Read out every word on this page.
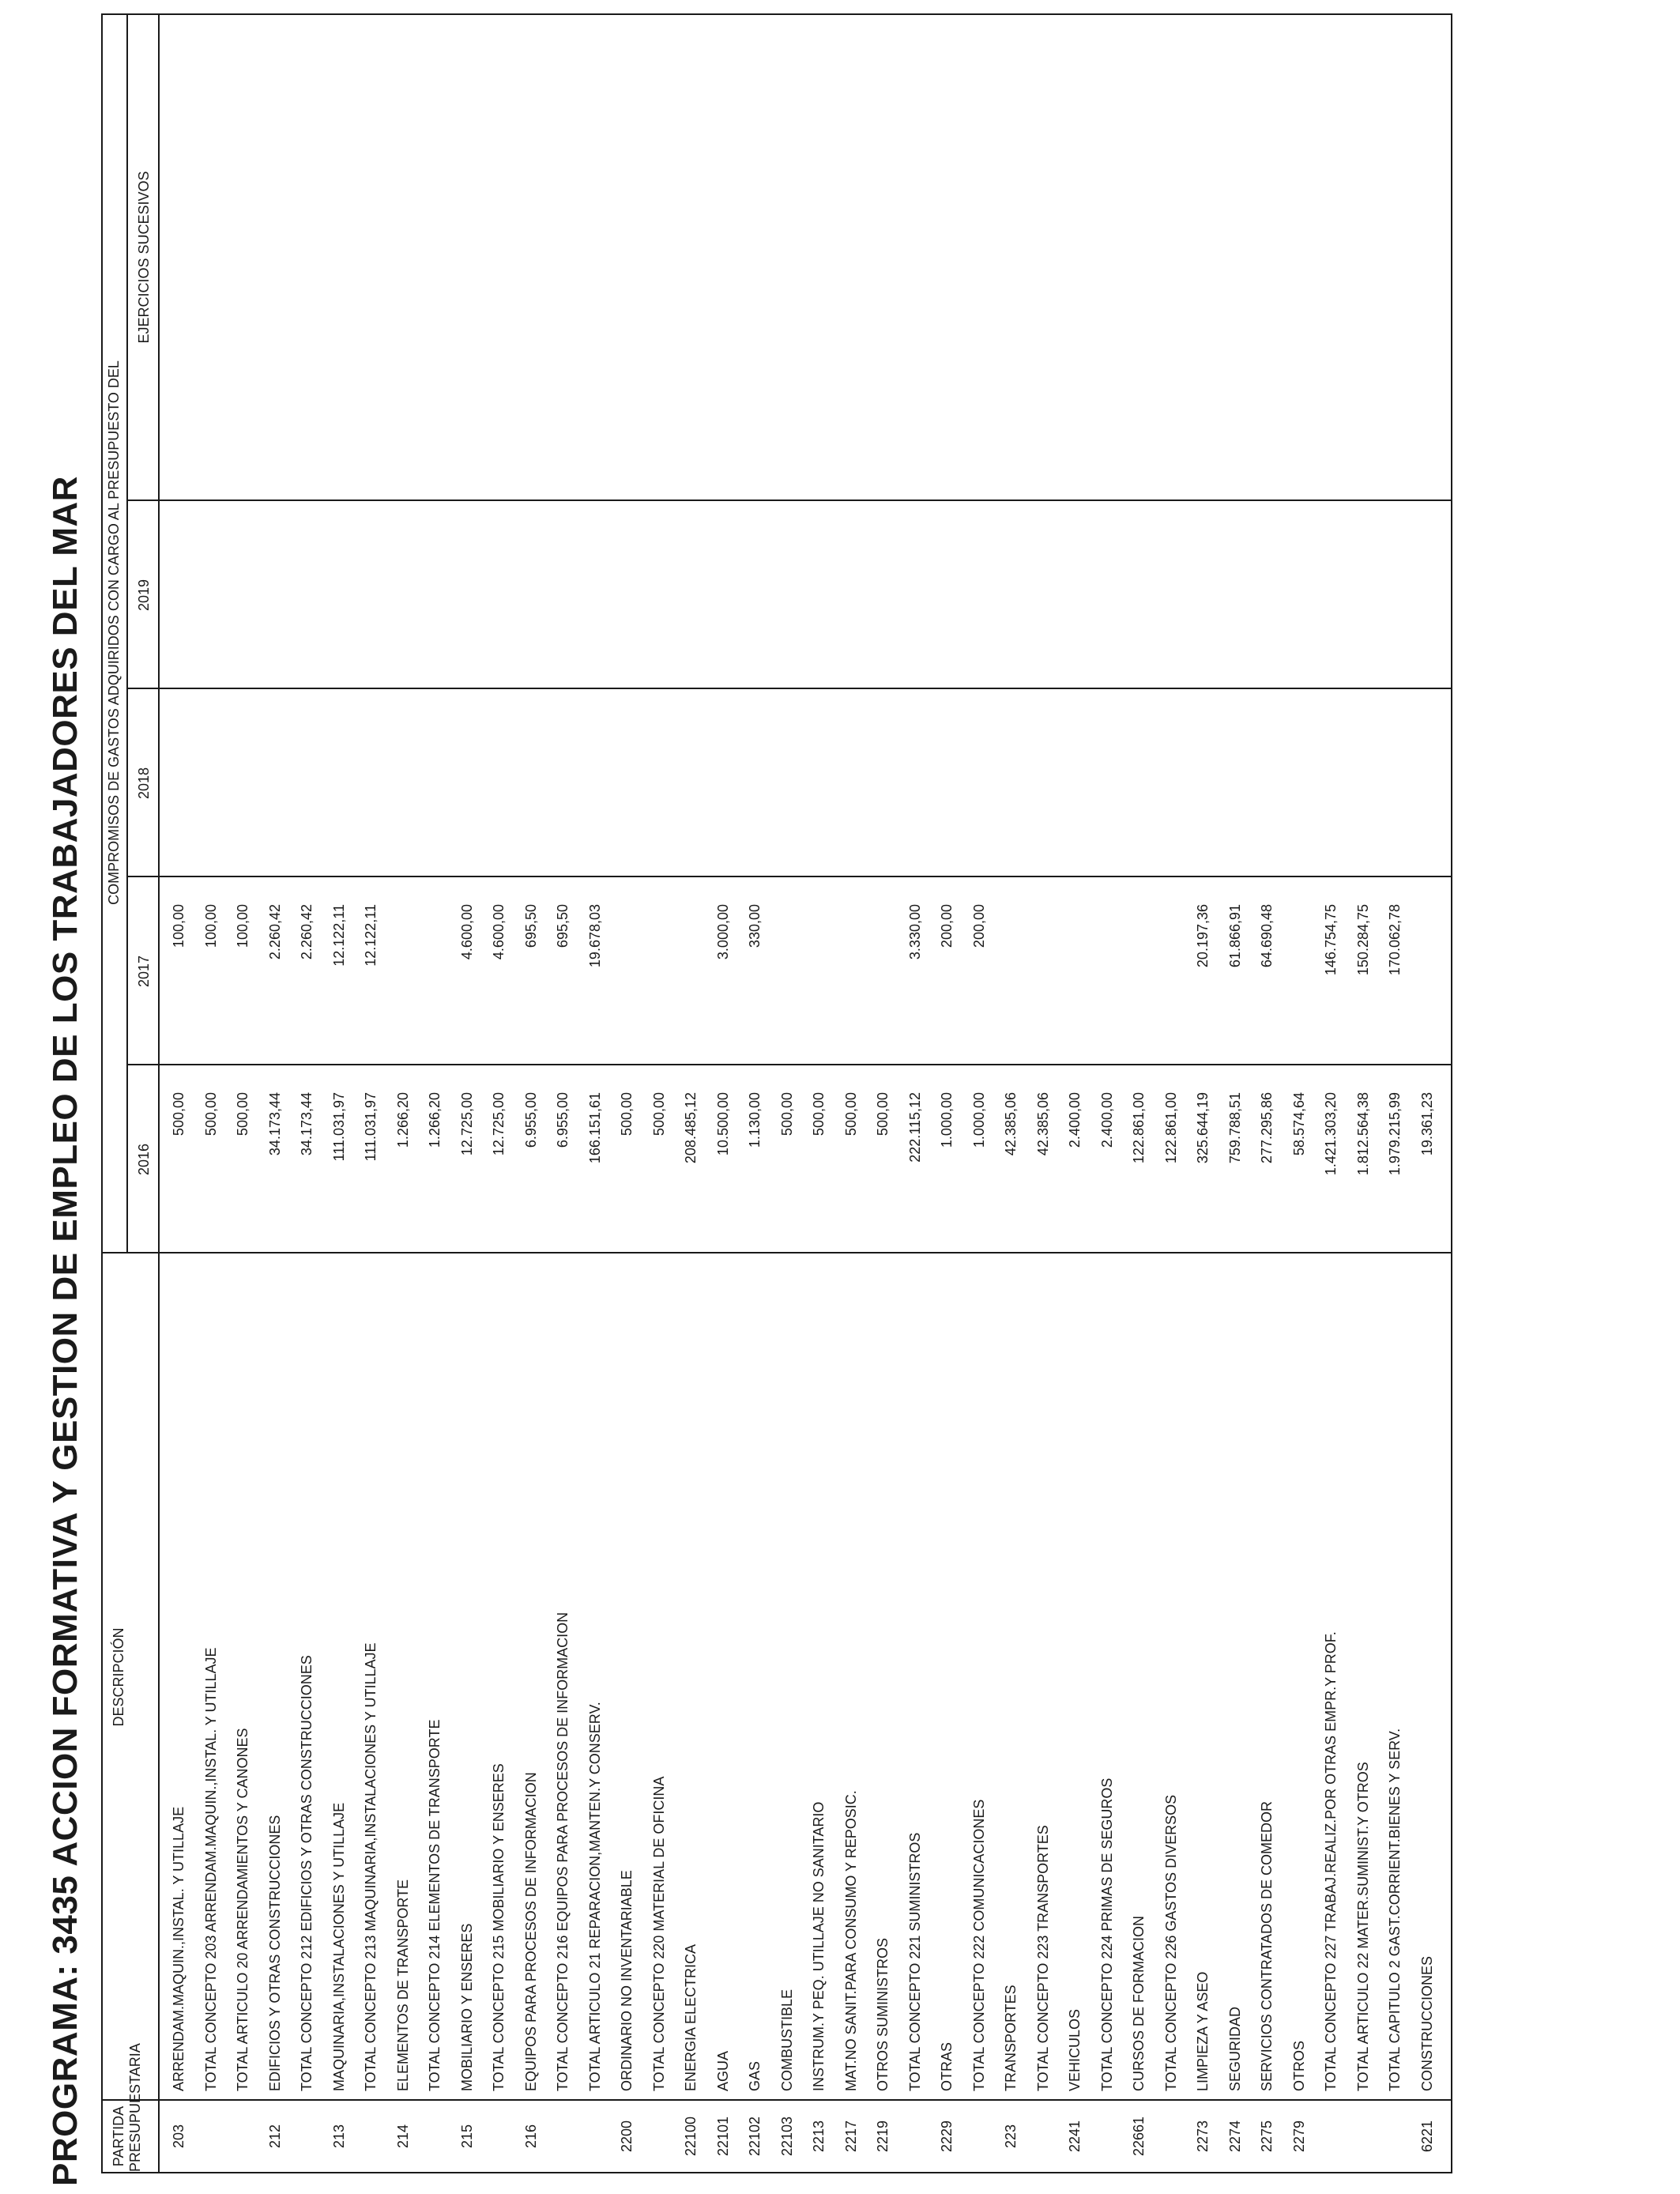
PROGRAMA: 3435 ACCION FORMATIVA Y GESTION DE EMPLEO DE LOS TRABAJADORES DEL MAR	PARTIDA PRESUPUESTARIA
DESCRIPCIÓN
COMPROMISOS DE GASTOS ADQUIRIDOS CON CARGO AL PRESUPUESTO DEL
2016
2017
2018
2019
EJERCICIOS SUCESIVOS
203
ARRENDAM.MAQUIN.,INSTAL. Y UTILLAJE
500,00
100,00
TOTAL CONCEPTO 203 ARRENDAM.MAQUIN.,INSTAL. Y UTILLAJE
500,00
100,00
TOTAL ARTICULO 20 ARRENDAMIENTOS Y CANONES
500,00
100,00
212
EDIFICIOS Y OTRAS CONSTRUCCIONES
34.173,44
2.260,42
TOTAL CONCEPTO 212 EDIFICIOS Y OTRAS CONSTRUCCIONES
34.173,44
2.260,42
213
MAQUINARIA,INSTALACIONES Y UTILLAJE
111.031,97
12.122,11
TOTAL CONCEPTO 213 MAQUINARIA,INSTALACIONES Y UTILLAJE
111.031,97
12.122,11
214
ELEMENTOS DE TRANSPORTE
1.266,20
TOTAL CONCEPTO 214 ELEMENTOS DE TRANSPORTE
1.266,20
215
MOBILIARIO Y ENSERES
12.725,00
4.600,00
TOTAL CONCEPTO 215 MOBILIARIO Y ENSERES
12.725,00
4.600,00
216
EQUIPOS PARA PROCESOS DE INFORMACION
6.955,00
695,50
TOTAL CONCEPTO 216 EQUIPOS PARA PROCESOS DE INFORMACION
6.955,00
695,50
TOTAL ARTICULO 21 REPARACION,MANTEN.Y CONSERV.
166.151,61
19.678,03
2200
ORDINARIO NO INVENTARIABLE
500,00
TOTAL CONCEPTO 220 MATERIAL DE OFICINA
500,00
22100
ENERGIA ELECTRICA
208.485,12
22101
AGUA
10.500,00
3.000,00
22102
GAS
1.130,00
330,00
22103
COMBUSTIBLE
500,00
2213
INSTRUM.Y PEQ. UTILLAJE NO SANITARIO
500,00
2217
MAT.NO SANIT.PARA CONSUMO Y REPOSIC.
500,00
2219
OTROS SUMINISTROS
500,00
TOTAL CONCEPTO 221 SUMINISTROS
222.115,12
3.330,00
2229
OTRAS
1.000,00
200,00
TOTAL CONCEPTO 222 COMUNICACIONES
1.000,00
200,00
223
TRANSPORTES
42.385,06
TOTAL CONCEPTO 223 TRANSPORTES
42.385,06
2241
VEHICULOS
2.400,00
TOTAL CONCEPTO 224 PRIMAS DE SEGUROS
2.400,00
22661
CURSOS DE FORMACION
122.861,00
TOTAL CONCEPTO 226 GASTOS DIVERSOS
122.861,00
2273
LIMPIEZA Y ASEO
325.644,19
20.197,36
2274
SEGURIDAD
759.788,51
61.866,91
2275
SERVICIOS CONTRATADOS DE COMEDOR
277.295,86
64.690,48
2279
OTROS
58.574,64
TOTAL CONCEPTO 227 TRABAJ.REALIZ.POR OTRAS EMPR.Y PROF.
1.421.303,20
146.754,75
TOTAL ARTICULO 22 MATER.SUMINIST.Y OTROS
1.812.564,38
150.284,75
TOTAL CAPITULO 2 GAST.CORRIENT.BIENES Y SERV.
1.979.215,99
170.062,78
6221
CONSTRUCCIONES
19.361,23
